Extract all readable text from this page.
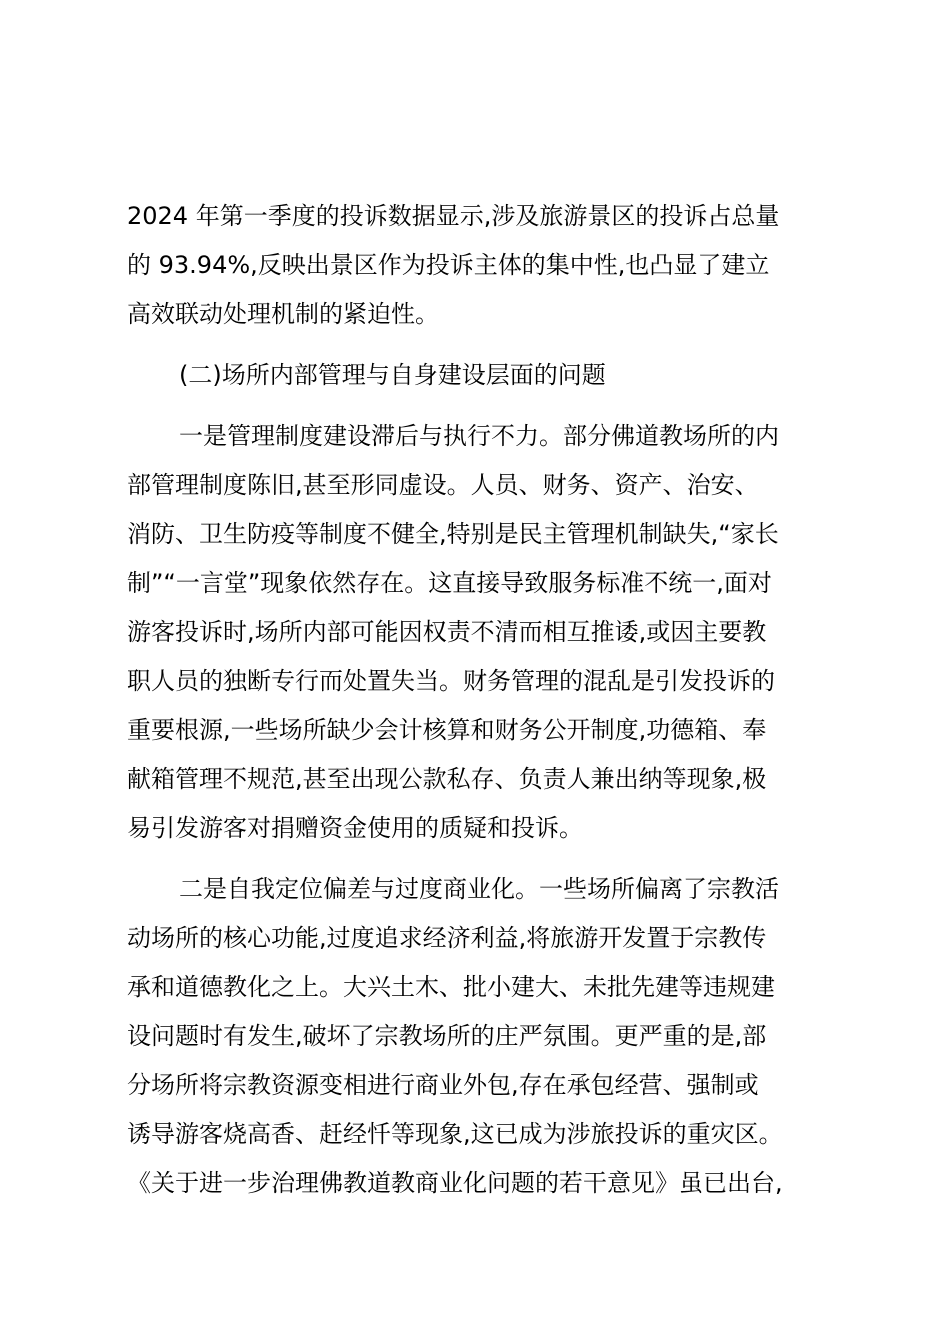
2024 年第一季度的投诉数据显示,涉及旅游景区的投诉占总量
的 93.94%,反映出景区作为投诉主体的集中性,也凸显了建立
高效联动处理机制的紧迫性。
(二)场所内部管理与自身建设层面的问题
一是管理制度建设滞后与执行不力。部分佛道教场所的内
部管理制度陈旧,甚至形同虚设。人员、财务、资产、治安、
消防、卫生防疫等制度不健全,特别是民主管理机制缺失,“家长
制”“一言堂”现象依然存在。这直接导致服务标准不统一,面对
游客投诉时,场所内部可能因权责不清而相互推诿,或因主要教
职人员的独断专行而处置失当。财务管理的混乱是引发投诉的
重要根源,一些场所缺少会计核算和财务公开制度,功德箱、奉
献箱管理不规范,甚至出现公款私存、负责人兼出纳等现象,极
易引发游客对捐赠资金使用的质疑和投诉。
二是自我定位偏差与过度商业化。一些场所偏离了宗教活
动场所的核心功能,过度追求经济利益,将旅游开发置于宗教传
承和道德教化之上。大兴土木、批小建大、未批先建等违规建
设问题时有发生,破坏了宗教场所的庄严氛围。更严重的是,部
分场所将宗教资源变相进行商业外包,存在承包经营、强制或
诱导游客烧高香、赶经忏等现象,这已成为涉旅投诉的重灾区。
《关于进一步治理佛教道教商业化问题的若干意见》虽已出台,
